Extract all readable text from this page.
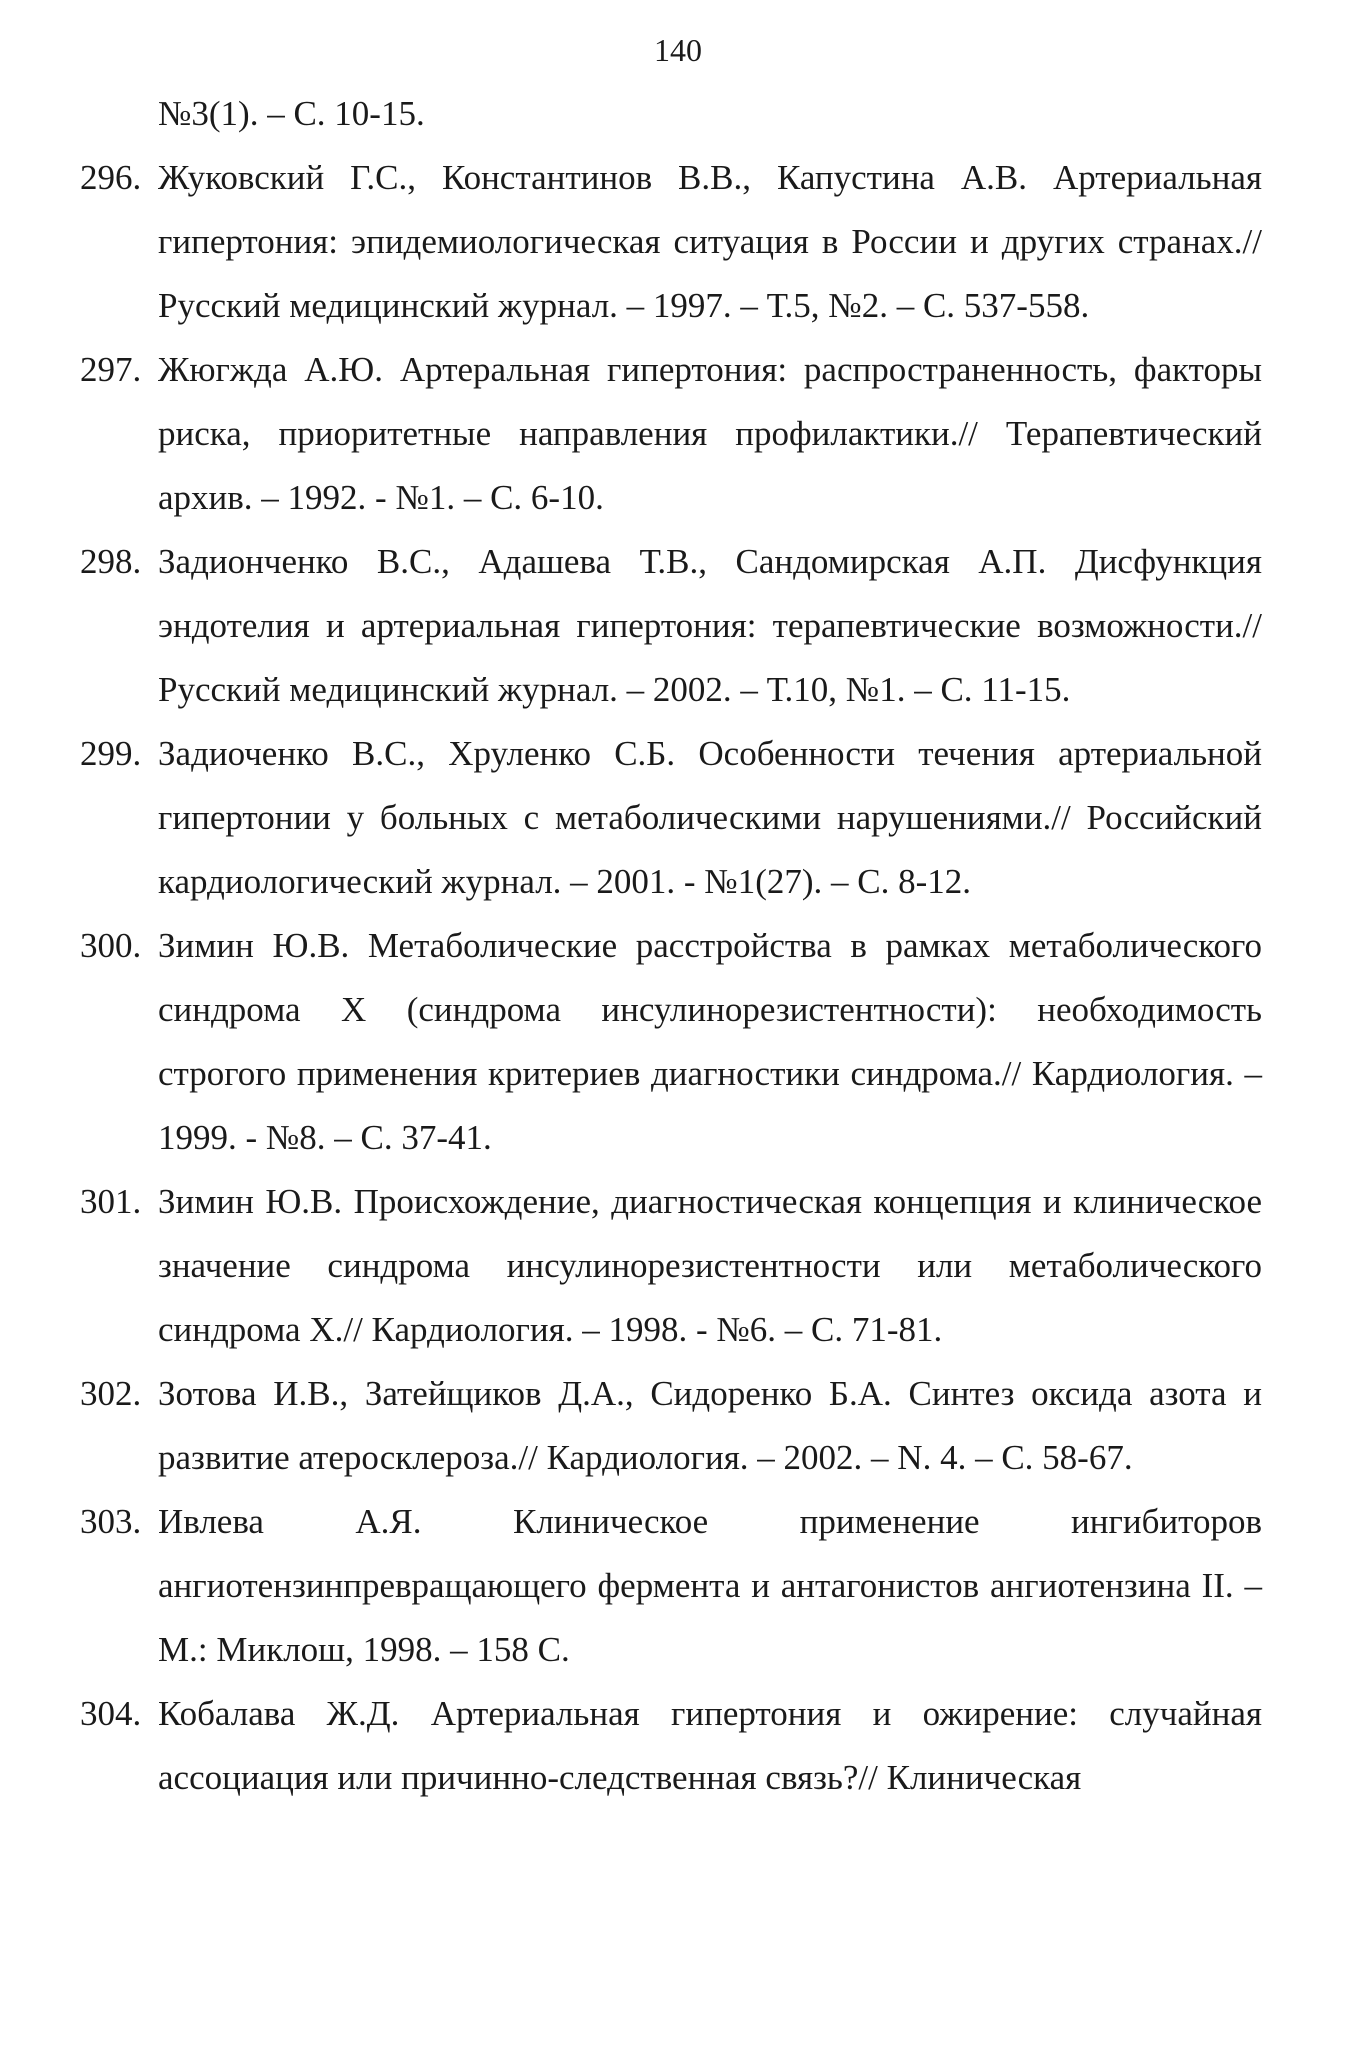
140
№3(1). – С. 10-15.
296. Жуковский Г.С., Константинов В.В., Капустина А.В. Артериальная гипертония: эпидемиологическая ситуация в России и других странах.// Русский медицинский журнал. – 1997. – Т.5, №2. – С. 537-558.
297. Жюгжда А.Ю. Артеральная гипертония: распространенность, факторы риска, приоритетные направления профилактики.// Терапевтический архив. – 1992. - №1. – С. 6-10.
298. Задионченко В.С., Адашева Т.В., Сандомирская А.П. Дисфункция эндотелия и артериальная гипертония: терапевтические возможности.// Русский медицинский журнал. – 2002. – Т.10, №1. – С. 11-15.
299. Задиоченко В.С., Хруленко С.Б. Особенности течения артериальной гипертонии у больных с метаболическими нарушениями.// Российский кардиологический журнал. – 2001. - №1(27). – С. 8-12.
300. Зимин Ю.В. Метаболические расстройства в рамках метаболического синдрома Х (синдрома инсулинорезистентности): необходимость строгого применения критериев диагностики синдрома.// Кардиология. – 1999. - №8. – С. 37-41.
301. Зимин Ю.В. Происхождение, диагностическая концепция и клиническое значение синдрома инсулинорезистентности или метаболического синдрома Х.// Кардиология. – 1998. - №6. – С. 71-81.
302. Зотова И.В., Затейщиков Д.А., Сидоренко Б.А. Синтез оксида азота и развитие атеросклероза.// Кардиология. – 2002. – N. 4. – С. 58-67.
303. Ивлева А.Я. Клиническое применение ингибиторов ангиотензинпревращающего фермента и антагонистов ангиотензина II. – М.: Миклош, 1998. – 158 С.
304. Кобалава Ж.Д. Артериальная гипертония и ожирение: случайная ассоциация или причинно-следственная связь?// Клиническая
